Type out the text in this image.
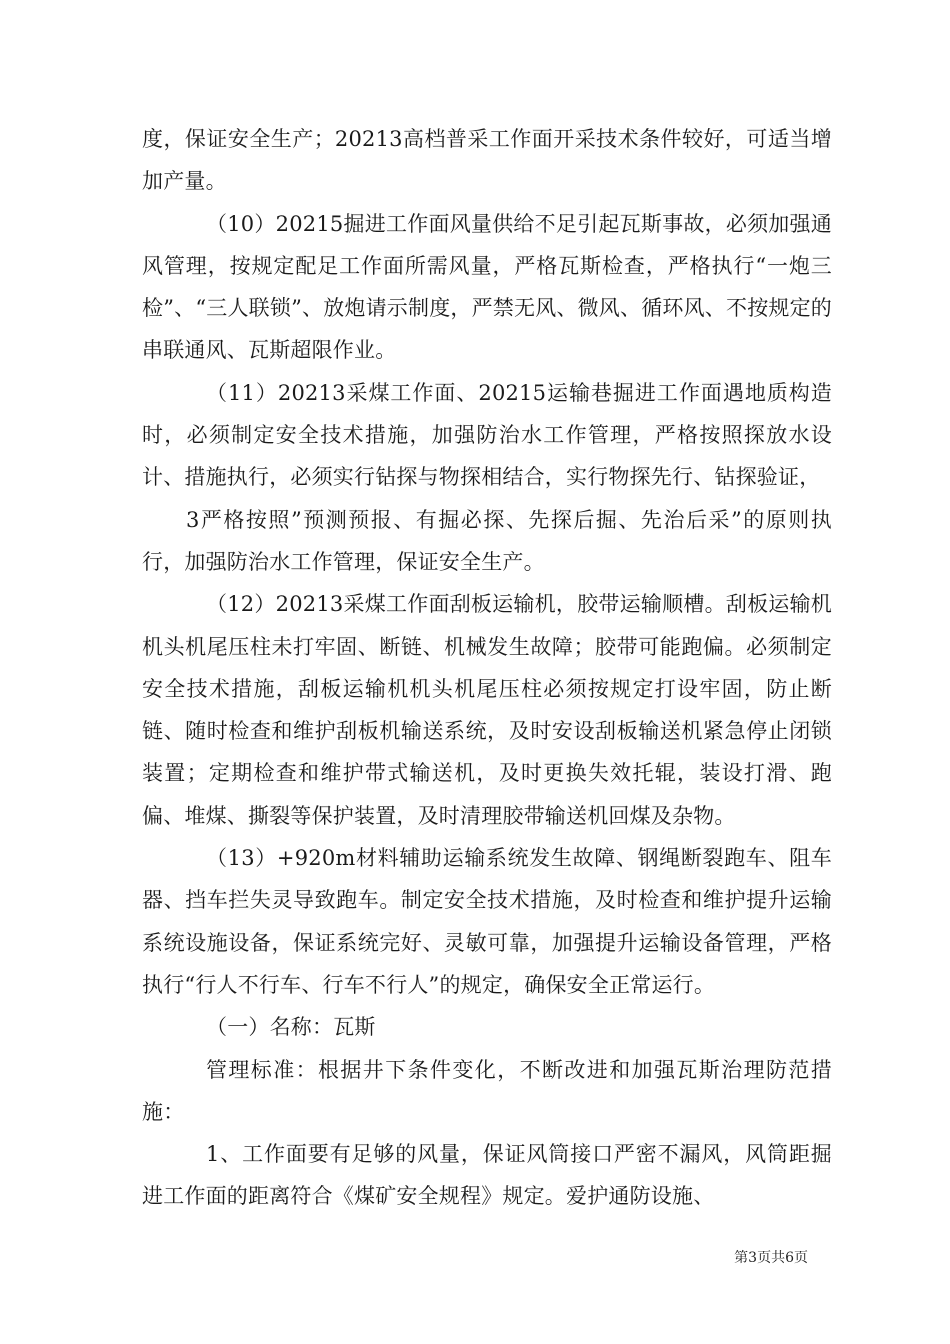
度，保证安全生产；20213高档普采工作面开采技术条件较好，可适当增加产量。

（10）20215掘进工作面风量供给不足引起瓦斯事故，必须加强通风管理，按规定配足工作面所需风量，严格瓦斯检查，严格执行“一炮三检”、“三人联锁”、放炮请示制度，严禁无风、微风、循环风、不按规定的串联通风、瓦斯超限作业。

（11）20213采煤工作面、20215运输巷掘进工作面遇地质构造时，必须制定安全技术措施，加强防治水工作管理，严格按照探放水设计、措施执行，必须实行钻探与物探相结合，实行物探先行、钻探验证，

3严格按照”预测预报、有掘必探、先探后掘、先治后采”的原则执行，加强防治水工作管理，保证安全生产。

（12）20213采煤工作面刮板运输机，胶带运输顺槽。刮板运输机机头机尾压柱未打牢固、断链、机械发生故障；胶带可能跑偏。必须制定安全技术措施，刮板运输机机头机尾压柱必须按规定打设牢固，防止断链、随时检查和维护刮板机输送系统，及时安设刮板输送机紧急停止闭锁装置；定期检查和维护带式输送机，及时更换失效托辊，装设打滑、跑偏、堆煤、撕裂等保护装置，及时清理胶带输送机回煤及杂物。

（13）+920m材料辅助运输系统发生故障、钢绳断裂跑车、阻车器、挡车拦失灵导致跑车。制定安全技术措施，及时检查和维护提升运输系统设施设备，保证系统完好、灵敏可靠，加强提升运输设备管理，严格执行“行人不行车、行车不行人”的规定，确保安全正常运行。

（一）名称：瓦斯

管理标准：根据井下条件变化，不断改进和加强瓦斯治理防范措施：

1、工作面要有足够的风量，保证风筒接口严密不漏风，风筒距掘进工作面的距离符合《煤矿安全规程》规定。爱护通防设施、

第3页共6页
